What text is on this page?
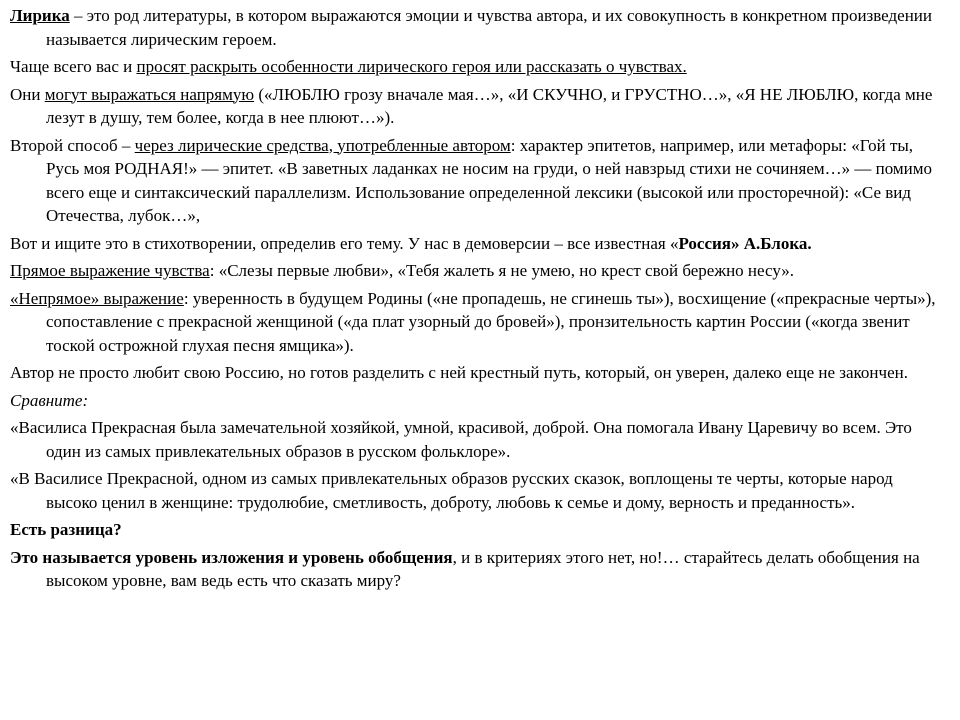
Лирика – это род литературы, в котором выражаются эмоции и чувства автора, и их совокупность в конкретном произведении называется лирическим героем.

Чаще всего вас и просят раскрыть особенности лирического героя или рассказать о чувствах.

Они могут выражаться напрямую («ЛЮБЛЮ грозу вначале мая…», «И СКУЧНО, и ГРУСТНО…», «Я НЕ ЛЮБЛЮ, когда мне лезут в душу, тем более, когда в нее плюют…»).

Второй способ – через лирические средства, употребленные автором: характер эпитетов, например, или метафоры: «Гой ты, Русь моя РОДНАЯ!» — эпитет. «В заветных ладанках не носим на груди, о ней навзрыд стихи не сочиняем…» — помимо всего еще и синтаксический параллелизм. Использование определенной лексики (высокой или просторечной): «Се вид Отечества, лубок…»,

Вот и ищите это в стихотворении, определив его тему. У нас в демоверсии – все известная «Россия» А.Блока.

Прямое выражение чувства: «Слезы первые любви», «Тебя жалеть я не умею, но крест свой бережно несу».

«Непрямое» выражение: уверенность в будущем Родины («не пропадешь, не сгинешь ты»), восхищение («прекрасные черты»), сопоставление с прекрасной женщиной («да плат узорный до бровей»), пронзительность картин России («когда звенит тоской острожной глухая песня ямщика»).

Автор не просто любит свою Россию, но готов разделить с ней крестный путь, который, он уверен, далеко еще не закончен.

Сравните:

«Василиса Прекрасная была замечательной хозяйкой, умной, красивой, доброй. Она помогала Ивану Царевичу во всем. Это один из самых привлекательных образов в русском фольклоре».

«В Василисе Прекрасной, одном из самых привлекательных образов русских сказок, воплощены те черты, которые народ высоко ценил в женщине: трудолюбие, сметливость, доброту, любовь к семье и дому, верность и преданность».

Есть разница?

Это называется уровень изложения и уровень обобщения, и в критериях этого нет, но!… старайтесь делать обобщения на высоком уровне, вам ведь есть что сказать миру?
